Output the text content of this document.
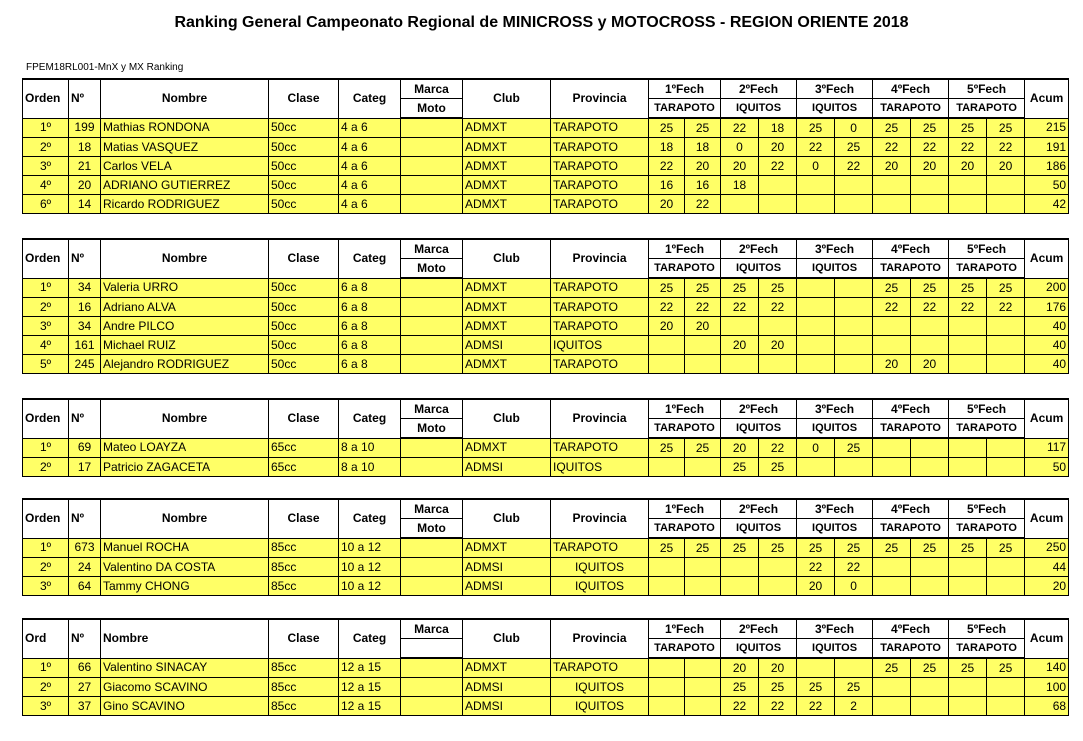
Ranking General Campeonato Regional de MINICROSS y MOTOCROSS - REGION ORIENTE 2018
FPEM18RL001-MnX y MX Ranking
Orden	Nº	Nombre	Clase	Categ	Marca	Club	Provincia	1ºFech		2ºFech		3ºFech		4ºFech		5ºFech		Acum
					Moto			TARAPOTO		IQUITOS		IQUITOS		TARAPOTO		TARAPOTO		
1º	199	Mathias RONDONA	50cc	4 a 6		ADMXT	TARAPOTO	25	25	22	18	25	0	25	25	25	25	215
2º	18	Matias VASQUEZ	50cc	4 a 6		ADMXT	TARAPOTO	18	18	0	20	22	25	22	22	22	22	191
3º	21	Carlos VELA	50cc	4 a 6		ADMXT	TARAPOTO	22	20	20	22	0	22	20	20	20	20	186
4º	20	ADRIANO GUTIERREZ	50cc	4 a 6		ADMXT	TARAPOTO	16	16	18								50
6º	14	Ricardo RODRIGUEZ	50cc	4 a 6		ADMXT	TARAPOTO	20	22									42
Orden	Nº	Nombre	Clase	Categ	Marca	Club	Provincia	1ºFech		2ºFech		3ºFech		4ºFech		5ºFech		Acum
					Moto			TARAPOTO		IQUITOS		IQUITOS		TARAPOTO		TARAPOTO		
1º	34	Valeria URRO	50cc	6 a 8		ADMXT	TARAPOTO	25	25	25	25			25	25	25	25	200
2º	16	Adriano ALVA	50cc	6 a 8		ADMXT	TARAPOTO	22	22	22	22			22	22	22	22	176
3º	34	Andre PILCO	50cc	6 a 8		ADMXT	TARAPOTO	20	20									40
4º	161	Michael RUIZ	50cc	6 a 8		ADMSI	IQUITOS			20	20							40
5º	245	Alejandro RODRIGUEZ	50cc	6 a 8		ADMXT	TARAPOTO							20	20			40
Orden	Nº	Nombre	Clase	Categ	Marca	Club	Provincia	1ºFech		2ºFech		3ºFech		4ºFech		5ºFech		Acum
					Moto			TARAPOTO		IQUITOS		IQUITOS		TARAPOTO		TARAPOTO		
1º	69	Mateo LOAYZA	65cc	8 a 10		ADMXT	TARAPOTO	25	25	20	22	0	25					117
2º	17	Patricio ZAGACETA	65cc	8 a 10		ADMSI	IQUITOS			25	25							50
Orden	Nº	Nombre	Clase	Categ	Marca	Club	Provincia	1ºFech		2ºFech		3ºFech		4ºFech		5ºFech		Acum
					Moto			TARAPOTO		IQUITOS		IQUITOS		TARAPOTO		TARAPOTO		
1º	673	Manuel ROCHA	85cc	10 a 12		ADMXT	TARAPOTO	25	25	25	25	25	25	25	25	25	25	250
2º	24	Valentino DA COSTA	85cc	10 a 12		ADMSI	IQUITOS					22	22					44
3º	64	Tammy CHONG	85cc	10 a 12		ADMSI	IQUITOS					20	0					20
Ord	Nº	Nombre	Clase	Categ	Marca	Club	Provincia	1ºFech		2ºFech		3ºFech		4ºFech		5ºFech		Acum
								TARAPOTO		IQUITOS		IQUITOS		TARAPOTO		TARAPOTO		
1º	66	Valentino SINACAY	85cc	12 a 15		ADMXT	TARAPOTO			20	20			25	25	25	25	140
2º	27	Giacomo SCAVINO	85cc	12 a 15		ADMSI	IQUITOS			25	25	25	25					100
3º	37	Gino SCAVINO	85cc	12 a 15		ADMSI	IQUITOS			22	22	22	2					68
